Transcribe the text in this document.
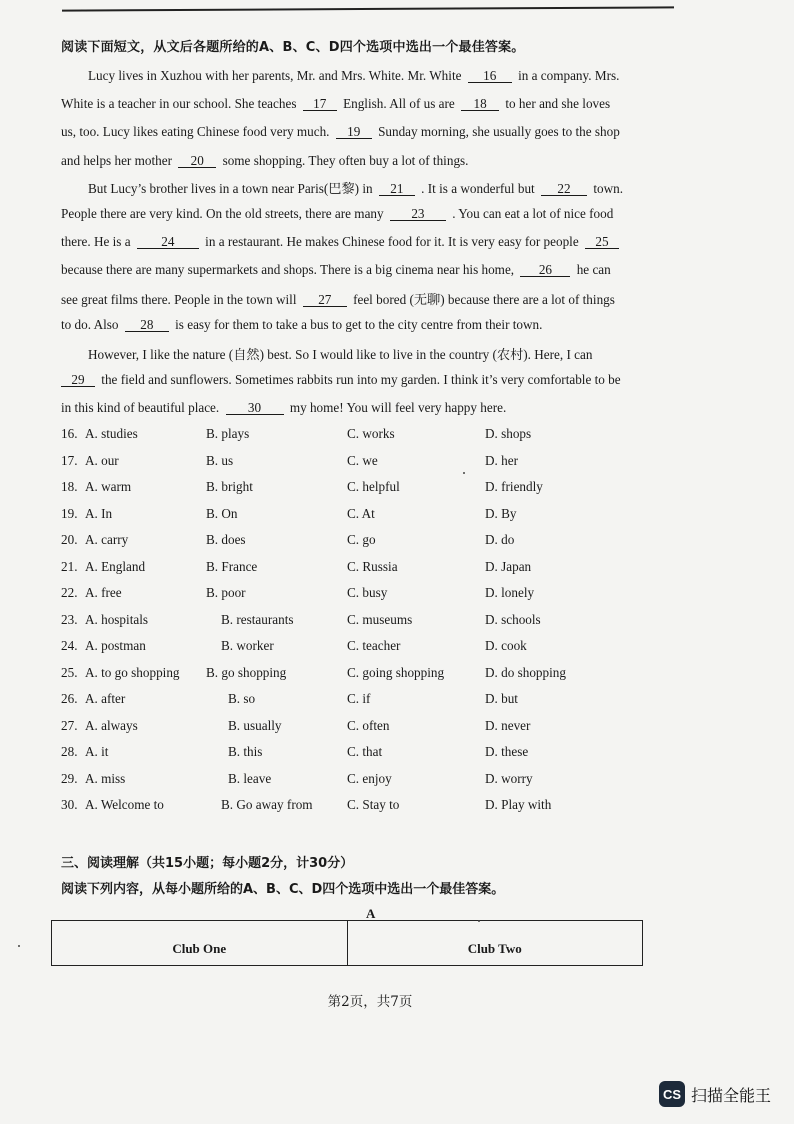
阅读下面短文，从文后各题所给的A、B、C、D四个选项中选出一个最佳答案。
Lucy lives in Xuzhou with her parents, Mr. and Mrs. White. Mr. White 16 in a company. Mrs.
White is a teacher in our school. She teaches 17 English. All of us are 18 to her and she loves
us, too. Lucy likes eating Chinese food very much. 19 Sunday morning, she usually goes to the shop
and helps her mother 20 some shopping. They often buy a lot of things.
But Lucy’s brother lives in a town near Paris(巴黎) in 21 . It is a wonderful but 22 town.
People there are very kind. On the old streets, there are many 23 . You can eat a lot of nice food
there. He is a 24 in a restaurant. He makes Chinese food for it. It is very easy for people 25
because there are many supermarkets and shops. There is a big cinema near his home, 26 he can
see great films there. People in the town will 27 feel bored (无聊) because there are a lot of things
to do. Also 28 is easy for them to take a bus to get to the city centre from their town.
However, I like the nature (自然) best. So I would like to live in the country (农村). Here, I can
29 the field and sunflowers. Sometimes rabbits run into my garden. I think it’s very comfortable to be
in this kind of beautiful place. 30 my home! You will feel very happy here.
16. A. studies	B. plays	C. works	D. shops
17. A. our	B. us	C. we	D. her
18. A. warm	B. bright	C. helpful	D. friendly
19. A. In	B. On	C. At	D. By
20. A. carry	B. does	C. go	D. do
21. A. England	B. France	C. Russia	D. Japan
22. A. free	B. poor	C. busy	D. lonely
23. A. hospitals	B. restaurants	C. museums	D. schools
24. A. postman	B. worker	C. teacher	D. cook
25. A. to go shopping B. go shopping	C. going shopping	D. do shopping
26. A. after	B. so	C. if	D. but
27. A. always	B. usually	C. often	D. never
28. A. it	B. this	C. that	D. these
29. A. miss	B. leave	C. enjoy	D. worry
30. A. Welcome to	B. Go away from	C. Stay to	D. Play with
三、阅读理解（共15小题；每小题2分，计30分）
阅读下列内容，从每小题所给的A、B、C、D四个选项中选出一个最佳答案。
A
Club One	Club Two
第2页，共7页
CS 扫描全能王
